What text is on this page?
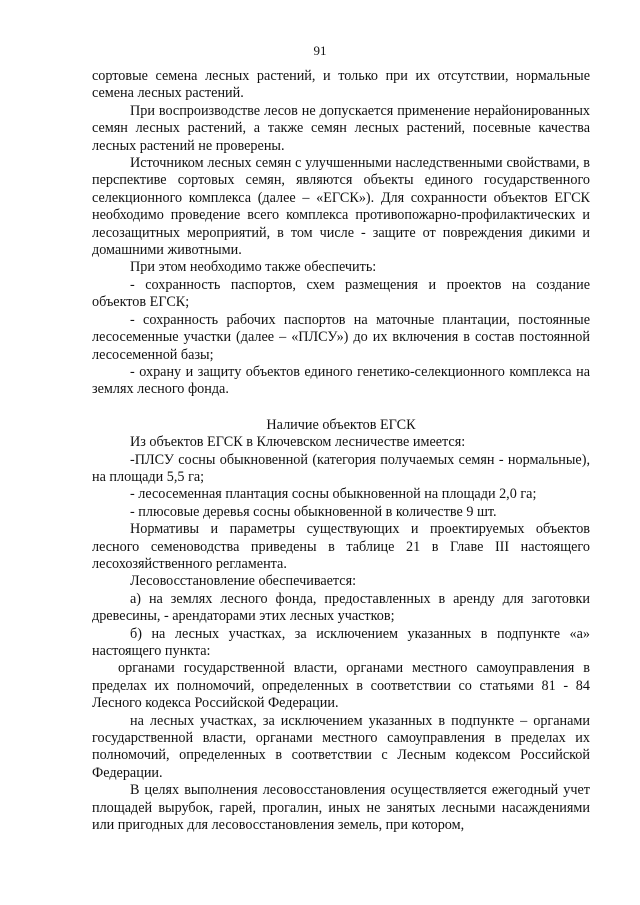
91

сортовые семена лесных растений, и только при их отсутствии, нормальные семена лесных растений.

При воспроизводстве лесов не допускается применение нерайонированных семян лесных растений, а также семян лесных растений, посевные качества лесных растений не проверены.

Источником лесных семян с улучшенными наследственными свойствами, в перспективе сортовых семян, являются объекты единого государственного селекционного комплекса (далее – «ЕГСК»). Для сохранности объектов ЕГСК необходимо проведение всего комплекса противопожарно-профилактических и лесозащитных мероприятий, в том числе - защите от повреждения дикими и домашними животными.

При этом необходимо также обеспечить:

- сохранность паспортов, схем размещения и проектов на создание объектов ЕГСК;

- сохранность рабочих паспортов на маточные плантации, постоянные лесосеменные участки (далее – «ПЛСУ») до их включения в состав постоянной лесосеменной базы;

- охрану и защиту объектов единого генетико-селекционного комплекса на землях лесного фонда.

Наличие объектов ЕГСК

Из объектов ЕГСК в Ключевском лесничестве имеется:

-ПЛСУ сосны обыкновенной (категория получаемых семян - нормальные), на площади 5,5 га;

- лесосеменная плантация сосны обыкновенной на площади 2,0 га;

- плюсовые деревья сосны обыкновенной в количестве 9 шт.

Нормативы и параметры существующих и проектируемых объектов лесного семеноводства приведены в таблице 21 в Главе III настоящего лесохозяйственного регламента.

Лесовосстановление обеспечивается:

а) на землях лесного фонда, предоставленных в аренду для заготовки древесины, - арендаторами этих лесных участков;

б) на лесных участках, за исключением указанных в подпункте «а» настоящего пункта:

органами государственной власти, органами местного самоуправления в пределах их полномочий, определенных в соответствии со статьями 81 - 84 Лесного кодекса Российской Федерации.

на лесных участках, за исключением указанных в подпункте – органами государственной власти, органами местного самоуправления в пределах их полномочий, определенных в соответствии с Лесным кодексом Российской Федерации.

В целях выполнения лесовосстановления осуществляется ежегодный учет площадей вырубок, гарей, прогалин, иных не занятых лесными насаждениями или пригодных для лесовосстановления земель, при котором,
